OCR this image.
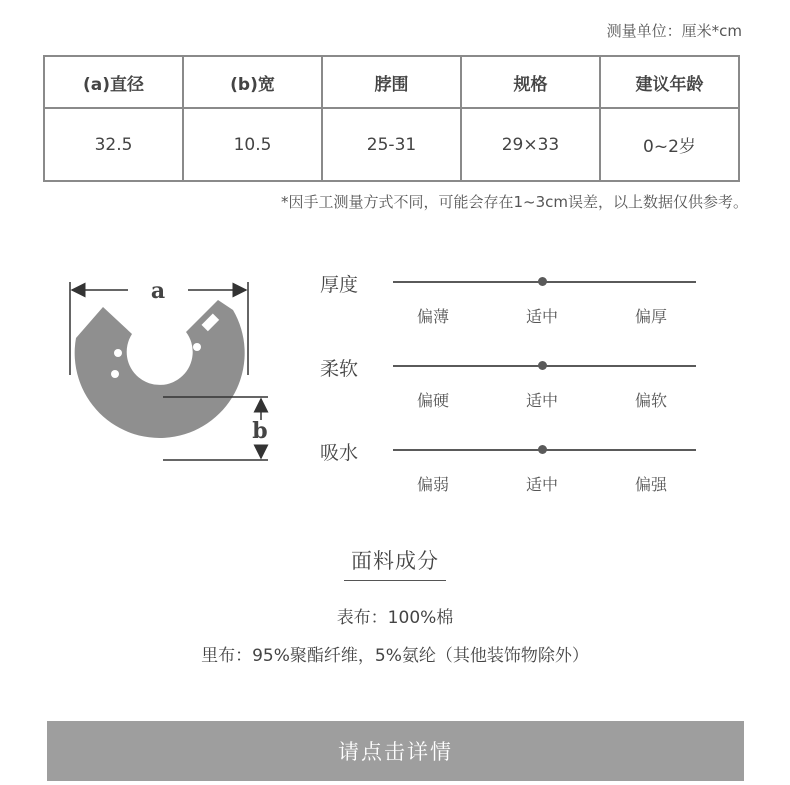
测量单位：厘米*cm
(a)直径	(b)宽	脖围	规格	建议年龄
32.5	10.5	25-31	29×33	0~2岁
*因手工测量方式不同，可能会存在1~3cm误差，以上数据仅供参考。
a
b
厚度
偏薄	适中	偏厚
柔软
偏硬	适中	偏软
吸水
偏弱	适中	偏强
面料成分
表布：100%棉
里布：95%聚酯纤维，5%氨纶（其他装饰物除外）
请点击详情
